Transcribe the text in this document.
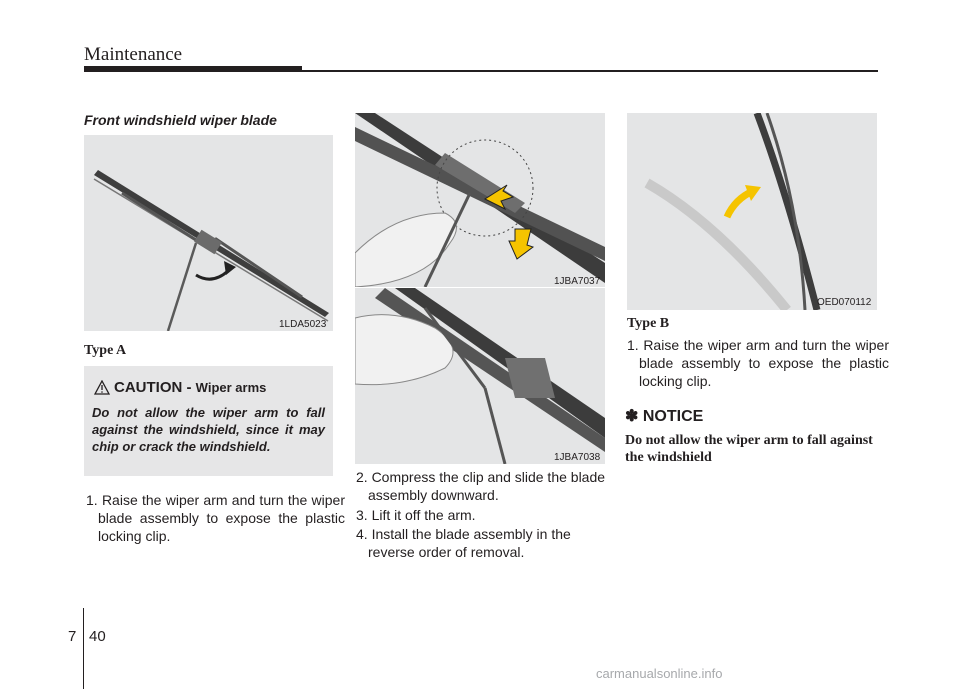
Maintenance
Front windshield wiper blade
1LDA5023
1JBA7037
1JBA7038
OED070112
Type A
CAUTION - Wiper arms
Do not allow the wiper arm to fall against the windshield, since it may chip or crack the windshield.
1. Raise the wiper arm and turn the wiper blade assembly to expose the plastic locking clip.
2. Compress the clip and slide the blade assembly downward.
3. Lift it off the arm.
4. Install the blade assembly in the reverse order of removal.
Type B
1. Raise the wiper arm and turn the wiper blade assembly to expose the plastic locking clip.
✽ NOTICE
Do not allow the wiper arm to fall against the windshield
7 40
carmanualsonline.info
